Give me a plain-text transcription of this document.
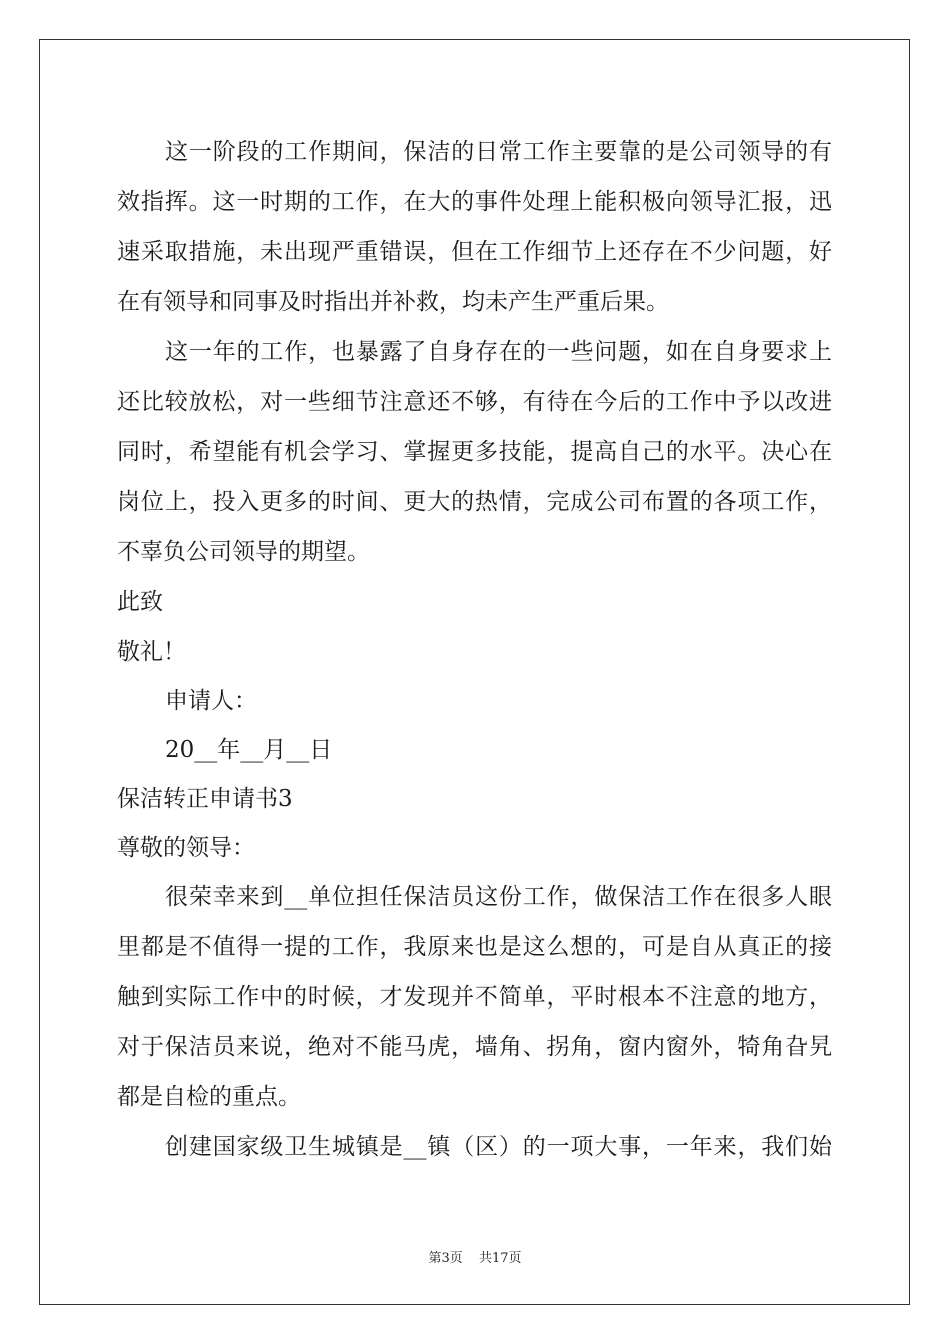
这一阶段的工作期间，保洁的日常工作主要靠的是公司领导的有
效指挥。这一时期的工作，在大的事件处理上能积极向领导汇报，迅
速采取措施，未出现严重错误，但在工作细节上还存在不少问题，好
在有领导和同事及时指出并补救，均未产生严重后果。
这一年的工作，也暴露了自身存在的一些问题，如在自身要求上
还比较放松，对一些细节注意还不够，有待在今后的工作中予以改进
同时，希望能有机会学习、掌握更多技能，提高自己的水平。决心在
岗位上，投入更多的时间、更大的热情，完成公司布置的各项工作，
不辜负公司领导的期望。
此致
敬礼！
申请人：
20__年__月__日
保洁转正申请书3
尊敬的领导：
很荣幸来到__单位担任保洁员这份工作，做保洁工作在很多人眼
里都是不值得一提的工作，我原来也是这么想的，可是自从真正的接
触到实际工作中的时候，才发现并不简单，平时根本不注意的地方，
对于保洁员来说，绝对不能马虎，墙角、拐角，窗内窗外，犄角旮旯
都是自检的重点。
创建国家级卫生城镇是__镇（区）的一项大事，一年来，我们始
第3页 共17页
